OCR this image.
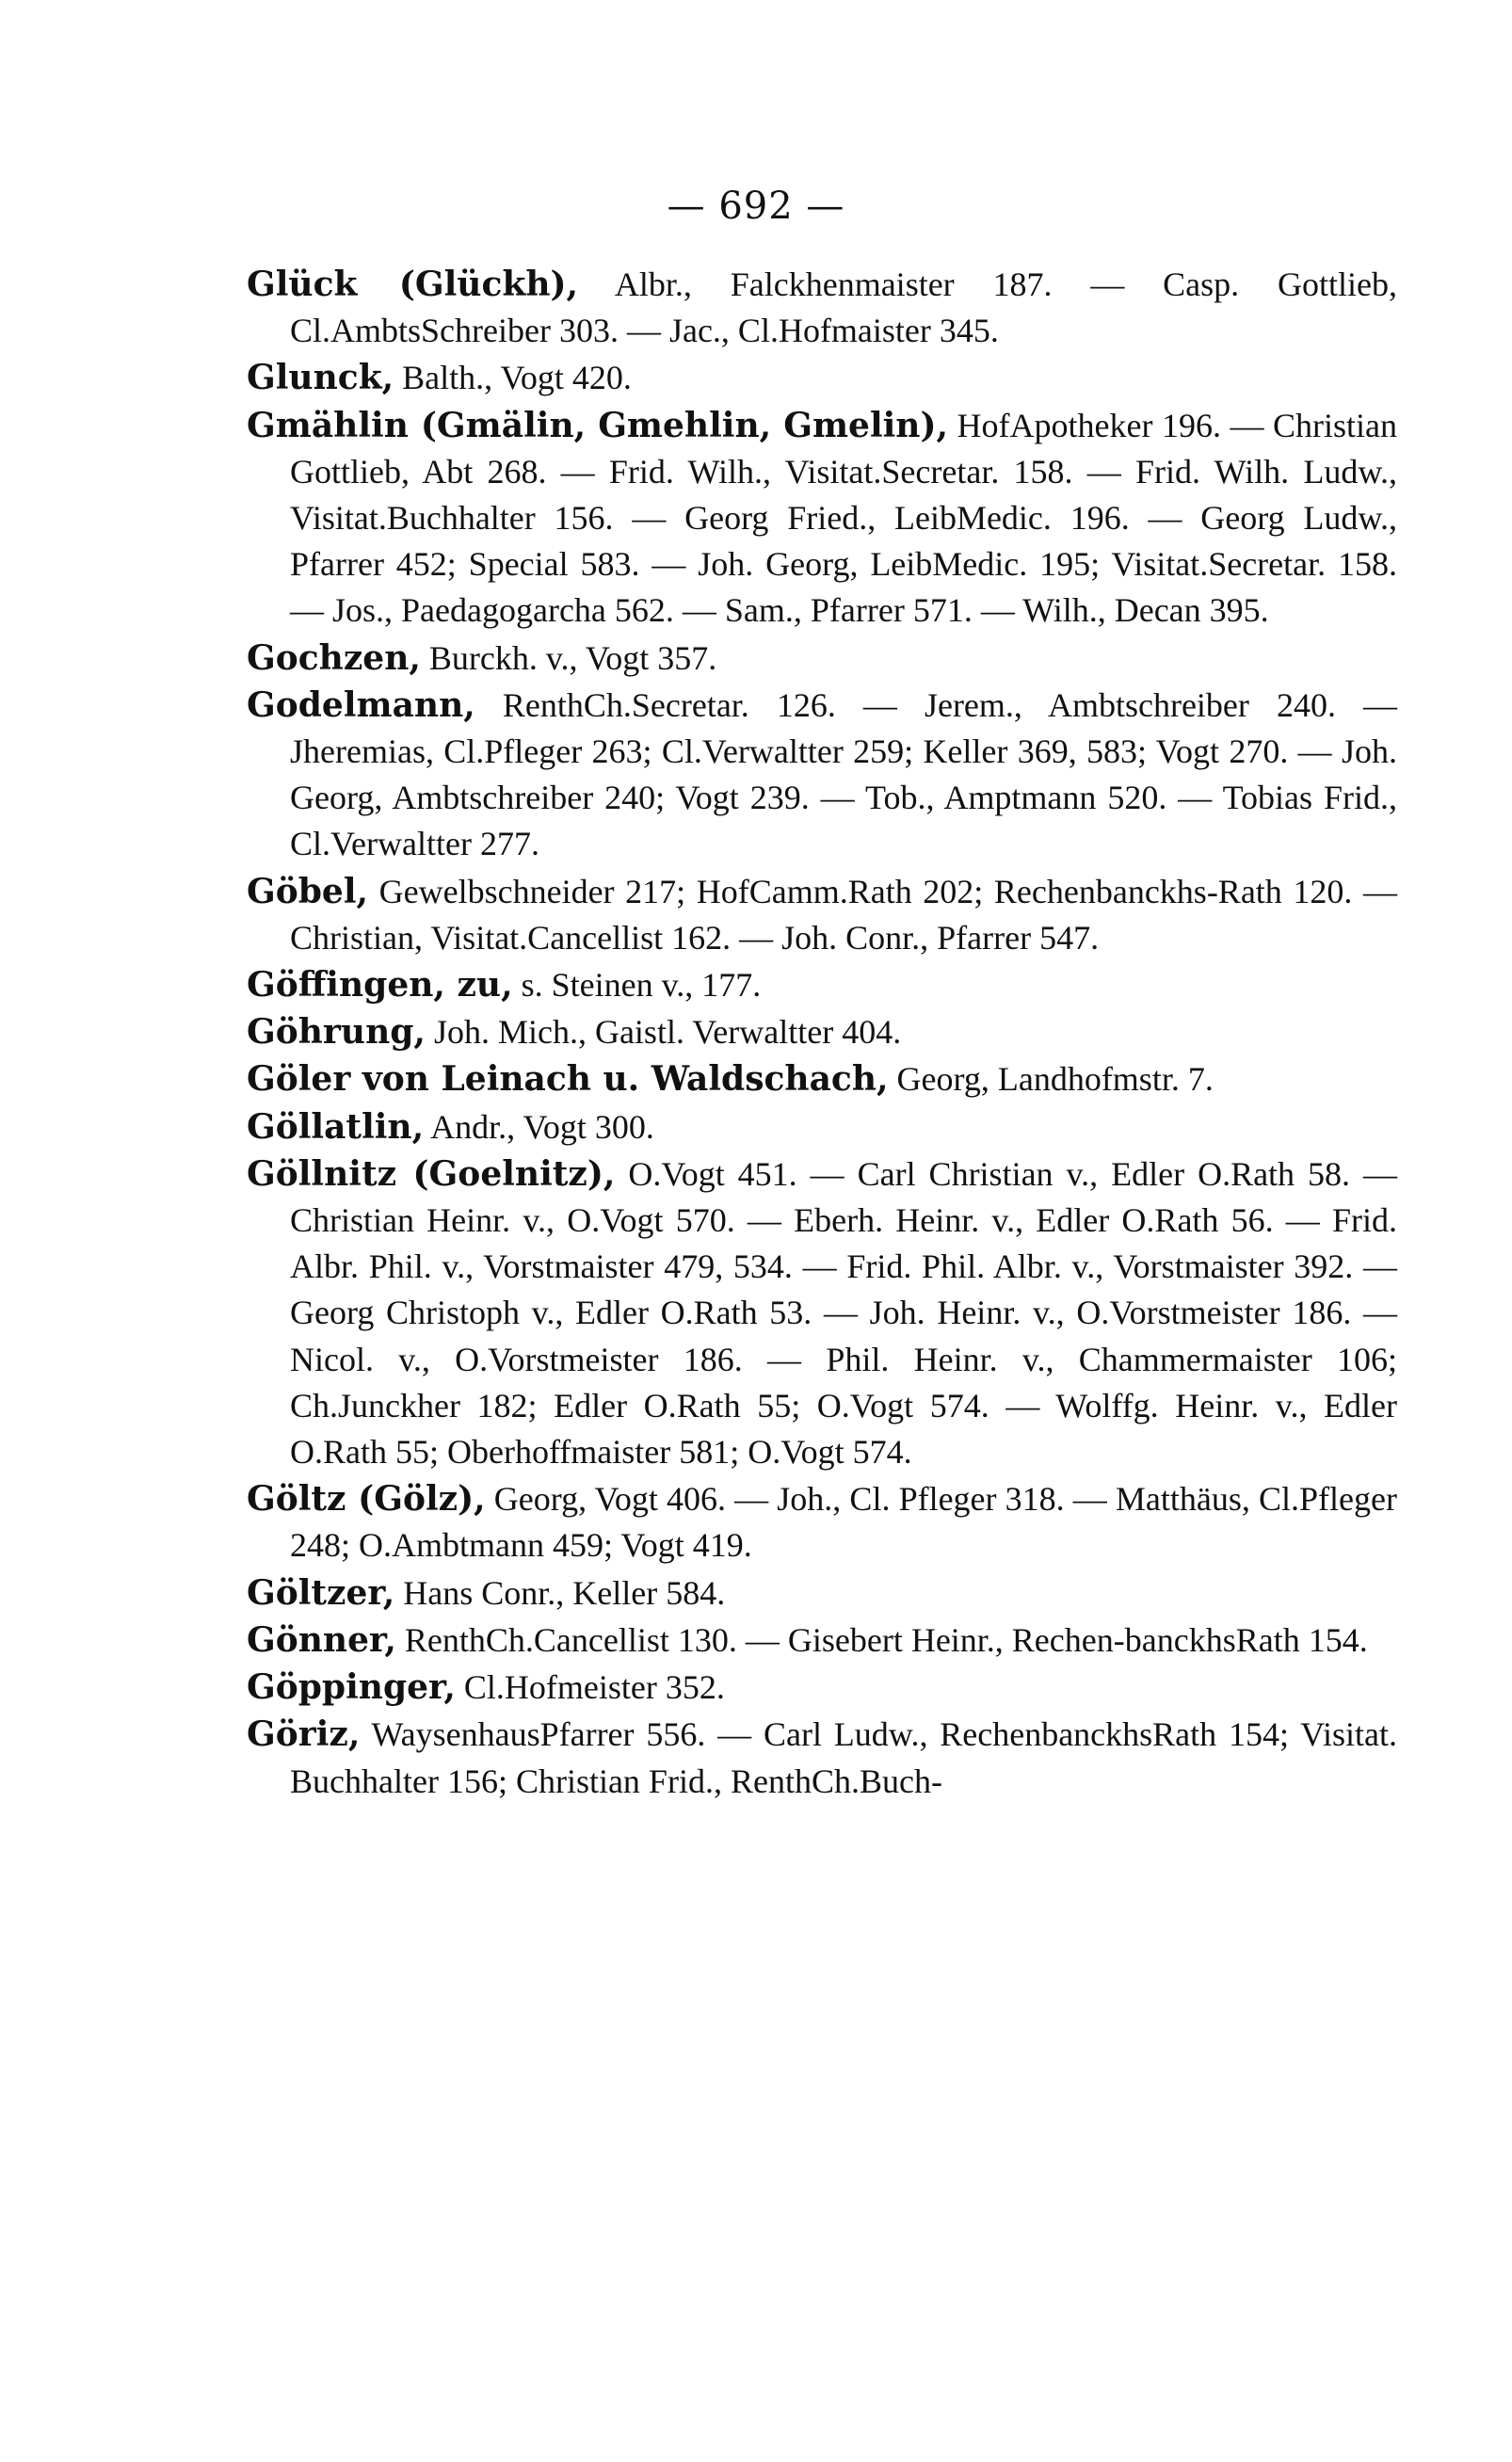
— 692 —

Glück (Glückh), Albr., Falckhenmaister 187. — Casp. Gottlieb, Cl.AmbtsSchreiber 303. — Jac., Cl.Hofmaister 345.

Glunck, Balth., Vogt 420.

Gmählin (Gmälin, Gmehlin, Gmelin), HofApotheker 196. — Christian Gottlieb, Abt 268. — Frid. Wilh., Visitat.Secretar. 158. — Frid. Wilh. Ludw., Visitat.Buchhalter 156. — Georg Fried., LeibMedic. 196. — Georg Ludw., Pfarrer 452; Special 583. — Joh. Georg, LeibMedic. 195; Visitat.Secretar. 158. — Jos., Paedagogarcha 562. — Sam., Pfarrer 571. — Wilh., Decan 395.

Gochzen, Burckh. v., Vogt 357.

Godelmann, RenthCh.Secretar. 126. — Jerem., Ambtschreiber 240. — Jheremias, Cl.Pfleger 263; Cl.Verwaltter 259; Keller 369, 583; Vogt 270. — Joh. Georg, Ambtschreiber 240; Vogt 239. — Tob., Amptmann 520. — Tobias Frid., Cl.Verwaltter 277.

Göbel, Gewelbschneider 217; HofCamm.Rath 202; Rechenbanckhs-Rath 120. — Christian, Visitat.Cancellist 162. — Joh. Conr., Pfarrer 547.

Göffingen, zu, s. Steinen v., 177.

Göhrung, Joh. Mich., Gaistl. Verwaltter 404.

Göler von Leinach u. Waldschach, Georg, Landhofmstr. 7.

Göllatlin, Andr., Vogt 300.

Göllnitz (Goelnitz), O.Vogt 451. — Carl Christian v., Edler O.Rath 58. — Christian Heinr. v., O.Vogt 570. — Eberh. Heinr. v., Edler O.Rath 56. — Frid. Albr. Phil. v., Vorstmaister 479, 534. — Frid. Phil. Albr. v., Vorstmaister 392. — Georg Christoph v., Edler O.Rath 53. — Joh. Heinr. v., O.Vorstmeister 186. — Nicol. v., O.Vorstmeister 186. — Phil. Heinr. v., Chammermaister 106; Ch.Junckher 182; Edler O.Rath 55; O.Vogt 574. — Wolffg. Heinr. v., Edler O.Rath 55; Oberhoffmaister 581; O.Vogt 574.

Göltz (Gölz), Georg, Vogt 406. — Joh., Cl. Pfleger 318. — Matthäus, Cl.Pfleger 248; O.Ambtmann 459; Vogt 419.

Göltzer, Hans Conr., Keller 584.

Gönner, RenthCh.Cancellist 130. — Gisebert Heinr., Rechen-banckhsRath 154.

Göppinger, Cl.Hofmeister 352.

Göriz, WaysenhausPfarrer 556. — Carl Ludw., RechenbanckhsRath 154; Visitat. Buchhalter 156; Christian Frid., RenthCh.Buch-
